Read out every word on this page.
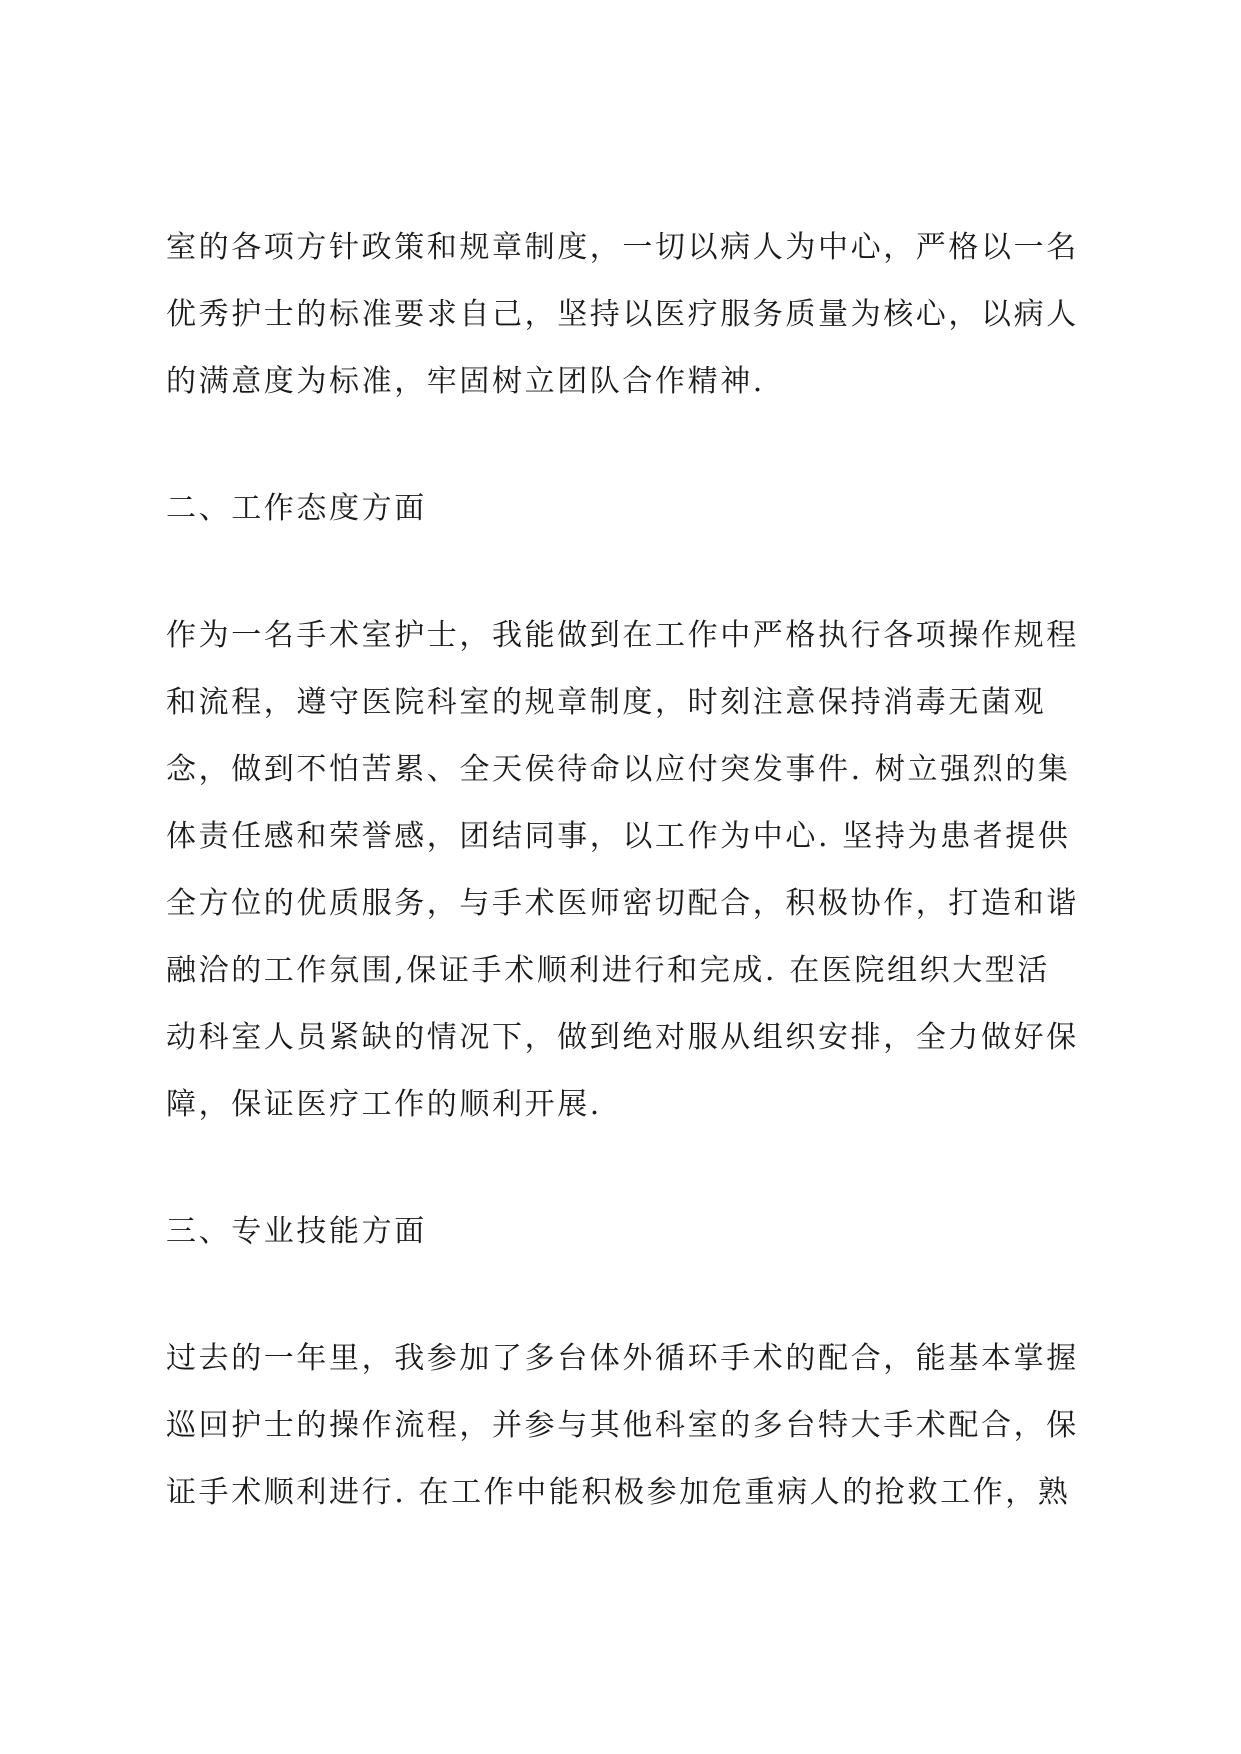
室的各项方针政策和规章制度，一切以病人为中心，严格以一名
优秀护士的标准要求自己，坚持以医疗服务质量为核心，以病人
的满意度为标准，牢固树立团队合作精神.
二、工作态度方面
作为一名手术室护士，我能做到在工作中严格执行各项操作规程
和流程，遵守医院科室的规章制度，时刻注意保持消毒无菌观
念，做到不怕苦累、全天侯待命以应付突发事件. 树立强烈的集
体责任感和荣誉感，团结同事，以工作为中心. 坚持为患者提供
全方位的优质服务，与手术医师密切配合，积极协作，打造和谐
融洽的工作氛围,保证手术顺利进行和完成. 在医院组织大型活
动科室人员紧缺的情况下，做到绝对服从组织安排，全力做好保
障，保证医疗工作的顺利开展.
三、专业技能方面
过去的一年里，我参加了多台体外循环手术的配合，能基本掌握
巡回护士的操作流程，并参与其他科室的多台特大手术配合，保
证手术顺利进行. 在工作中能积极参加危重病人的抢救工作，熟
